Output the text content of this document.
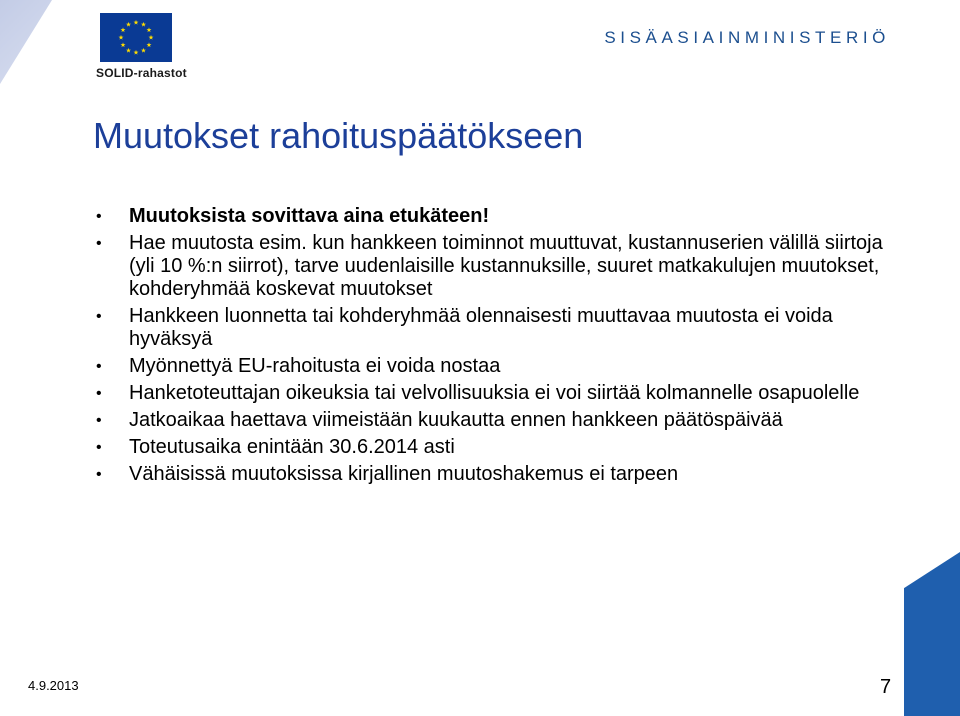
SOLID-rahastot
SISÄASIAINMINISTERIÖ
Muutokset rahoituspäätökseen
• Muutoksista sovittava aina etukäteen!
• Hae muutosta esim. kun hankkeen toiminnot muuttuvat, kustannuserien välillä siirtoja (yli 10 %:n siirrot), tarve uudenlaisille kustannuksille, suuret matkakulujen muutokset, kohderyhmää koskevat muutokset
• Hankkeen luonnetta tai kohderyhmää olennaisesti muuttavaa muutosta ei voida hyväksyä
• Myönnettyä EU-rahoitusta ei voida nostaa
• Hanketoteuttajan oikeuksia tai velvollisuuksia ei voi siirtää kolmannelle osapuolelle
• Jatkoaikaa haettava viimeistään kuukautta ennen hankkeen päätöspäivää
• Toteutusaika enintään 30.6.2014 asti
• Vähäisissä muutoksissa kirjallinen muutoshakemus ei tarpeen
4.9.2013	7
